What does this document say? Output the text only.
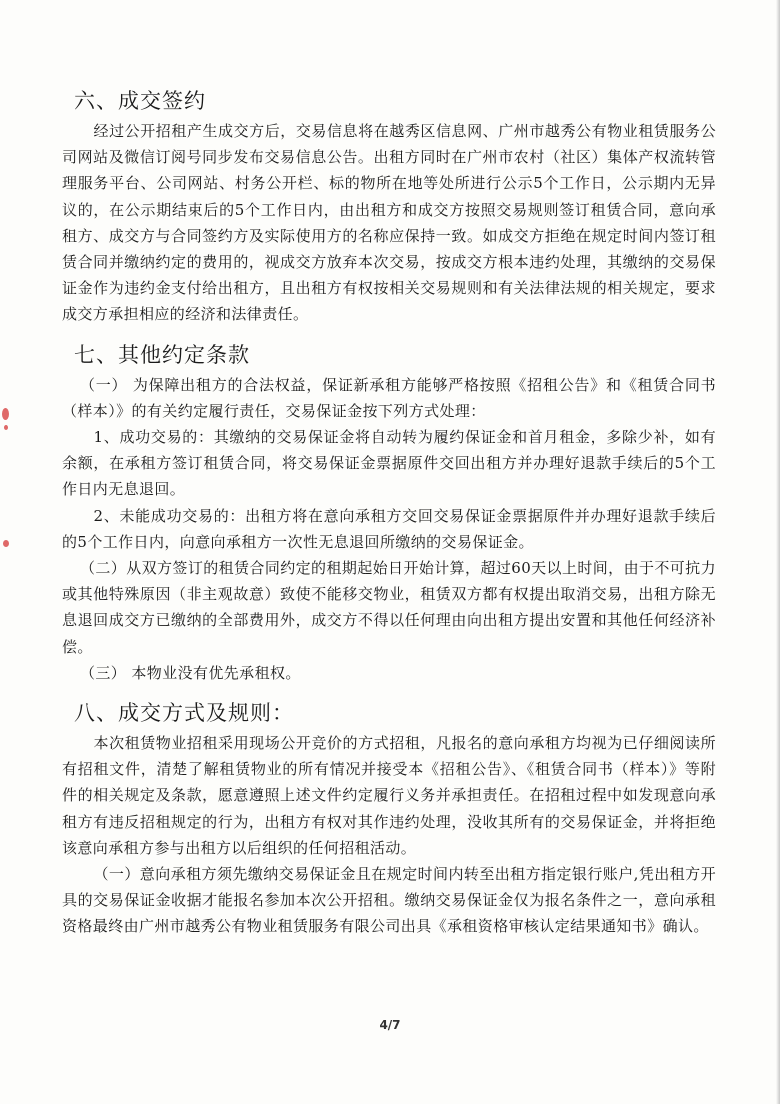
六、成交签约

经过公开招租产生成交方后，交易信息将在越秀区信息网、广州市越秀公有物业租赁服务公司网站及微信订阅号同步发布交易信息公告。出租方同时在广州市农村（社区）集体产权流转管理服务平台、公司网站、村务公开栏、标的物所在地等处所进行公示5个工作日，公示期内无异议的，在公示期结束后的5个工作日内，由出租方和成交方按照交易规则签订租赁合同，意向承租方、成交方与合同签约方及实际使用方的名称应保持一致。如成交方拒绝在规定时间内签订租赁合同并缴纳约定的费用的，视成交方放弃本次交易，按成交方根本违约处理，其缴纳的交易保证金作为违约金支付给出租方，且出租方有权按相关交易规则和有关法律法规的相关规定，要求成交方承担相应的经济和法律责任。

七、其他约定条款

（一） 为保障出租方的合法权益，保证新承租方能够严格按照《招租公告》和《租赁合同书（样本）》的有关约定履行责任，交易保证金按下列方式处理：

1、成功交易的：其缴纳的交易保证金将自动转为履约保证金和首月租金，多除少补，如有余额，在承租方签订租赁合同，将交易保证金票据原件交回出租方并办理好退款手续后的5个工作日内无息退回。

2、未能成功交易的：出租方将在意向承租方交回交易保证金票据原件并办理好退款手续后的5个工作日内，向意向承租方一次性无息退回所缴纳的交易保证金。

（二）从双方签订的租赁合同约定的租期起始日开始计算，超过60天以上时间，由于不可抗力或其他特殊原因（非主观故意）致使不能移交物业，租赁双方都有权提出取消交易，出租方除无息退回成交方已缴纳的全部费用外，成交方不得以任何理由向出租方提出安置和其他任何经济补偿。

（三） 本物业没有优先承租权。

八、成交方式及规则：

本次租赁物业招租采用现场公开竞价的方式招租，凡报名的意向承租方均视为已仔细阅读所有招租文件，清楚了解租赁物业的所有情况并接受本《招租公告》、《租赁合同书（样本）》等附件的相关规定及条款，愿意遵照上述文件约定履行义务并承担责任。在招租过程中如发现意向承租方有违反招租规定的行为，出租方有权对其作违约处理，没收其所有的交易保证金，并将拒绝该意向承租方参与出租方以后组织的任何招租活动。

（一）意向承租方须先缴纳交易保证金且在规定时间内转至出租方指定银行账户,凭出租方开具的交易保证金收据才能报名参加本次公开招租。缴纳交易保证金仅为报名条件之一，意向承租资格最终由广州市越秀公有物业租赁服务有限公司出具《承租资格审核认定结果通知书》确认。

4/7
